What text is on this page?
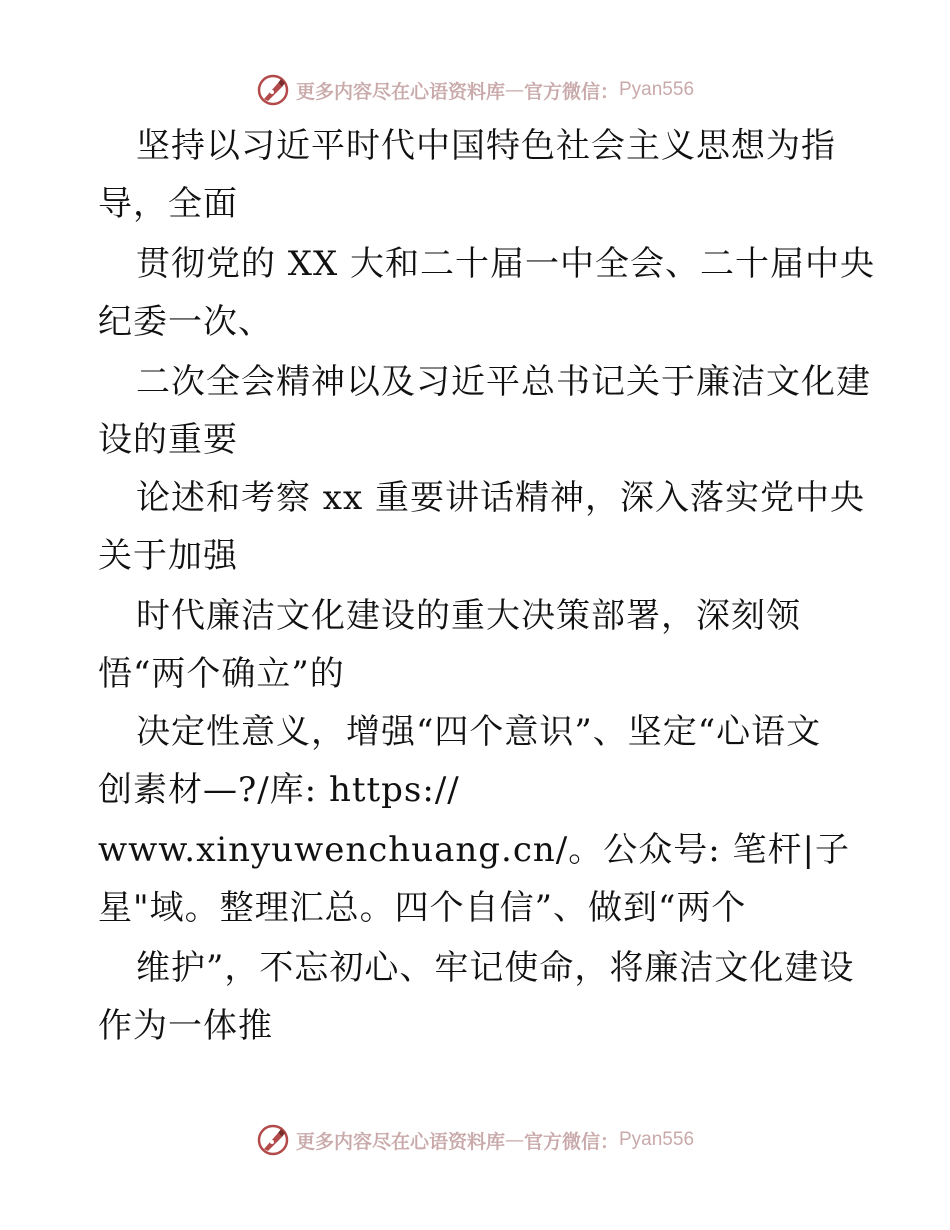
更多内容尽在心语资料库 — 官方微信： Pyan556
坚持以习近平时代中国特色社会主义思想为指
导，全面
贯彻党的 XX 大和二十届一中全会、二十届中央
纪委一次、
二次全会精神以及习近平总书记关于廉洁文化建
设的重要
论述和考察 xx 重要讲话精神，深入落实党中央
关于加强
时代廉洁文化建设的重大决策部署，深刻领
悟“两个确立”的
决定性意义，增强“四个意识”、坚定“心语文
创素材—?/库: https://
www.xinyuwenchuang.cn/。公众号: 笔杆|子
星"域。整理汇总。四个自信”、做到“两个
维护”，不忘初心、牢记使命，将廉洁文化建设
作为一体推
更多内容尽在心语资料库 — 官方微信： Pyan556
